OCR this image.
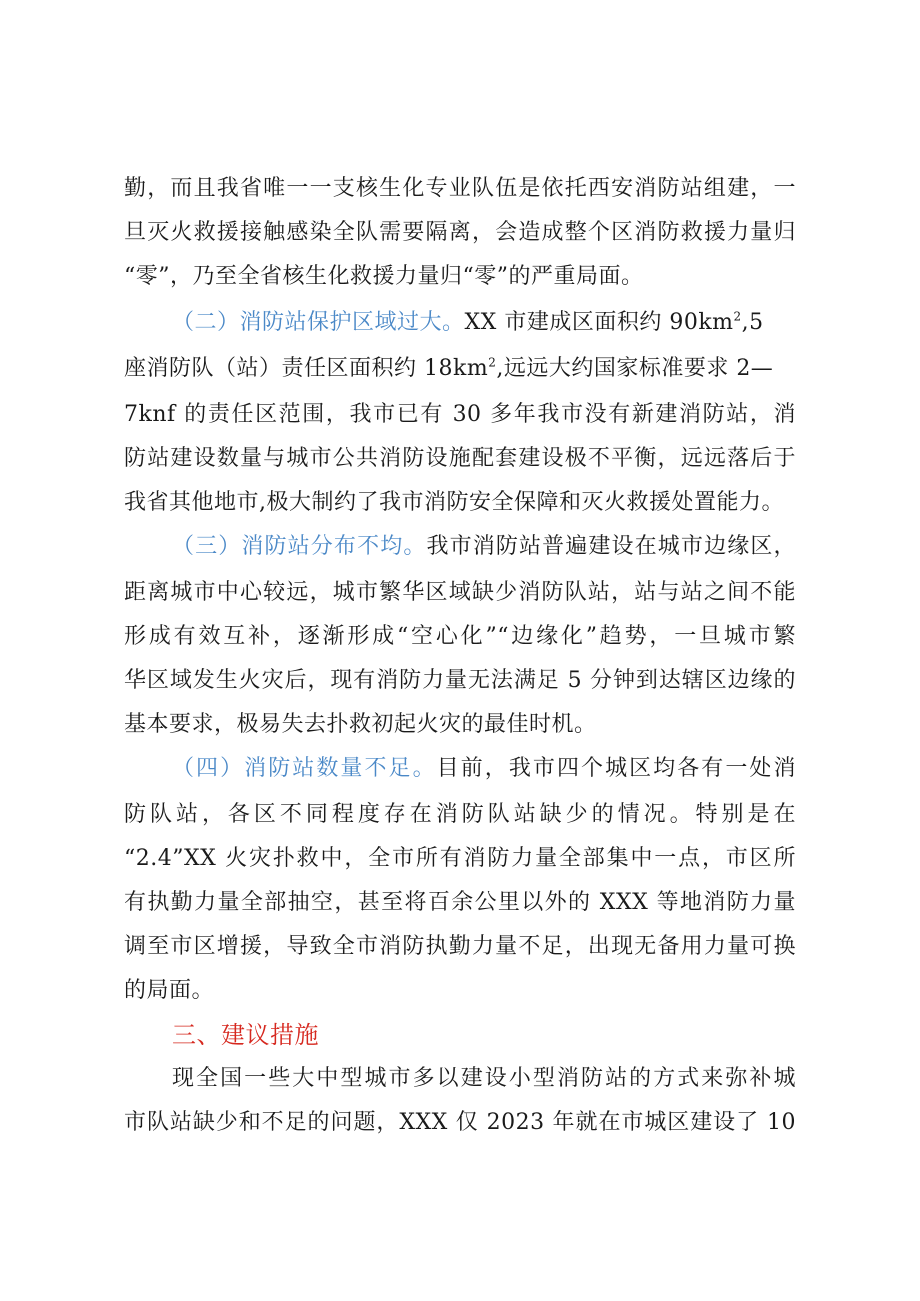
勤，而且我省唯一一支核生化专业队伍是依托西安消防站组建，一
旦灭火救援接触感染全队需要隔离，会造成整个区消防救援力量归
“零”，乃至全省核生化救援力量归“零”的严重局面。
（二）消防站保护区域过大。XX 市建成区面积约 $90km^2,5$
座消防队（站）责任区面积约 $18km^2$,远远大约国家标准要求 2—
7knf 的责任区范围，我市已有 30 多年我市没有新建消防站，消
防站建设数量与城市公共消防设施配套建设极不平衡，远远落后于
我省其他地市,极大制约了我市消防安全保障和灭火救援处置能力。
（三）消防站分布不均。我市消防站普遍建设在城市边缘区，
距离城市中心较远，城市繁华区域缺少消防队站，站与站之间不能
形成有效互补，逐渐形成“空心化”“边缘化”趋势，一旦城市繁
华区域发生火灾后，现有消防力量无法满足 5 分钟到达辖区边缘的
基本要求，极易失去扑救初起火灾的最佳时机。
（四）消防站数量不足。目前，我市四个城区均各有一处消
防队站，各区不同程度存在消防队站缺少的情况。特别是在
“2.4”XX 火灾扑救中，全市所有消防力量全部集中一点，市区所
有执勤力量全部抽空，甚至将百余公里以外的 XXX 等地消防力量
调至市区增援，导致全市消防执勤力量不足，出现无备用力量可换
的局面。
三、建议措施
现全国一些大中型城市多以建设小型消防站的方式来弥补城
市队站缺少和不足的问题，XXX 仅 2023 年就在市城区建设了 10
